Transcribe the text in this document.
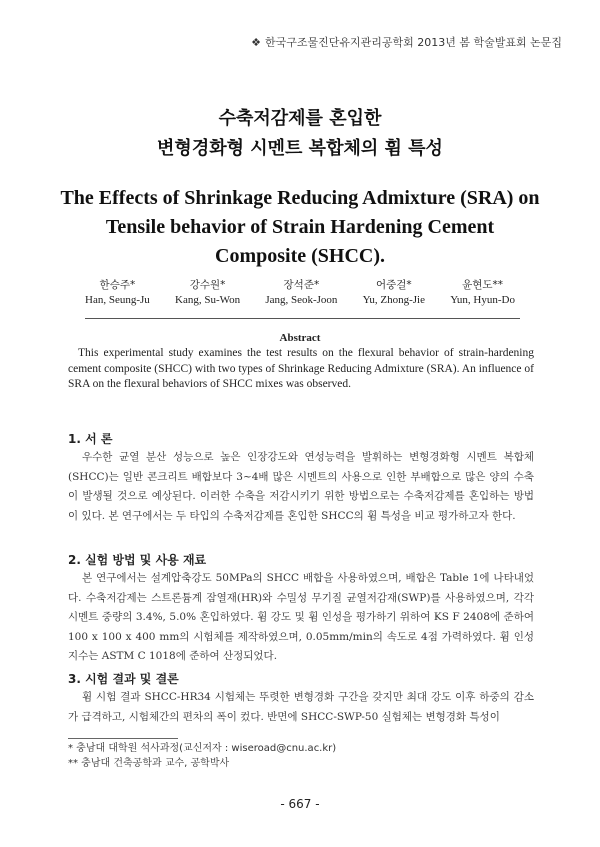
❖ 한국구조물진단유지관리공학회 2013년 봄 학술발표회 논문집
수축저감제를 혼입한
변형경화형 시멘트 복합체의 휨 특성
The Effects of Shrinkage Reducing Admixture (SRA) on
Tensile behavior of Strain Hardening Cement
Composite (SHCC).
한승주*
Han, Seung-Ju
강수원*
Kang, Su-Won
장석준*
Jang, Seok-Joon
어중걸*
Yu, Zhong-Jie
윤현도**
Yun, Hyun-Do
Abstract
This experimental study examines the test results on the flexural behavior of strain-hardening cement composite (SHCC) with two types of Shrinkage Reducing Admixture (SRA). An influence of SRA on the flexural behaviors of SHCC mixes was observed.
1. 서 론
우수한 균열 분산 성능으로 높은 인장강도와 연성능력을 발휘하는 변형경화형 시멘트 복합체(SHCC)는 일반 콘크리트 배합보다 3~4배 많은 시멘트의 사용으로 인한 부배합으로 많은 양의 수축이 발생될 것으로 예상된다. 이러한 수축을 저감시키기 위한 방법으로는 수축저감제를 혼입하는 방법이 있다. 본 연구에서는 두 타입의 수축저감제를 혼입한 SHCC의 휨 특성을 비교 평가하고자 한다.
2. 실험 방법 및 사용 재료
본 연구에서는 설계압축강도 50MPa의 SHCC 배합을 사용하였으며, 배합은 Table 1에 나타내었다. 수축저감제는 스트론튬계 잠열재(HR)와 수밀성 무기질 균열저감재(SWP)를 사용하였으며, 각각 시멘트 중량의 3.4%, 5.0% 혼입하였다. 휨 강도 및 휨 인성을 평가하기 위하여 KS F 2408에 준하여 100 x 100 x 400 mm의 시험체를 제작하였으며, 0.05mm/min의 속도로 4점 가력하였다. 휨 인성 지수는 ASTM C 1018에 준하여 산정되었다.
3. 시험 결과 및 결론
휨 시험 결과 SHCC-HR34 시험체는 뚜렷한 변형경화 구간을 갖지만 최대 강도 이후 하중의 감소가 급격하고, 시험체간의 편차의 폭이 컸다. 반면에 SHCC-SWP-50 실험체는 변형경화 특성이
* 충남대 대학원 석사과정(교신저자 : wiseroad@cnu.ac.kr)
** 충남대 건축공학과 교수, 공학박사
- 667 -
